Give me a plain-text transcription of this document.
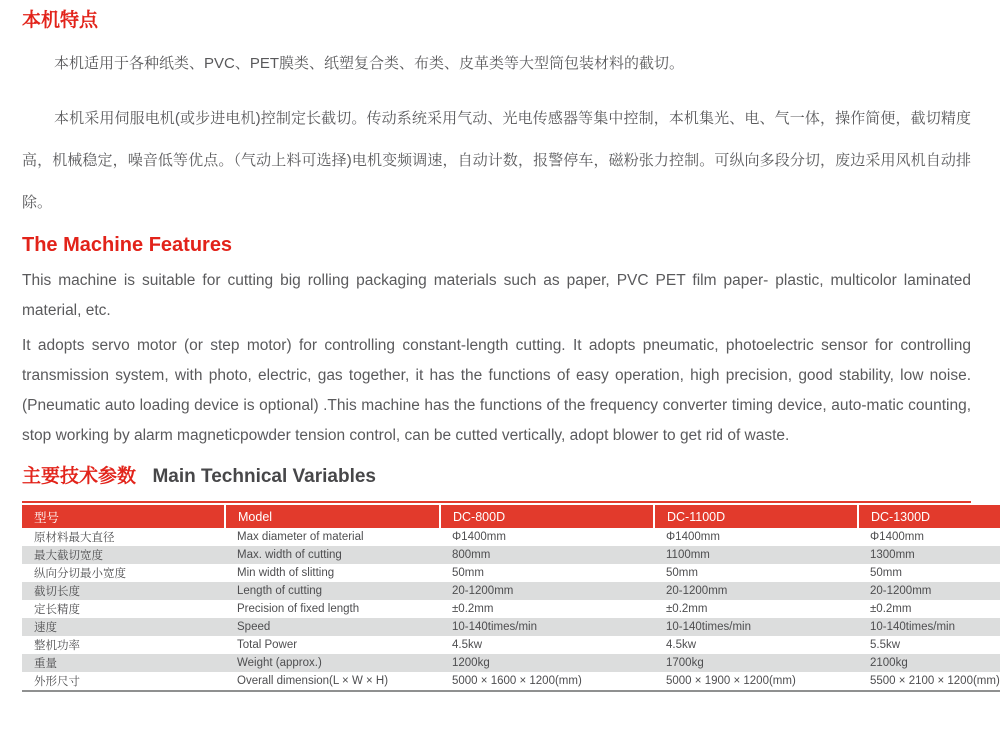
本机特点

本机适用于各种纸类、PVC、PET膜类、纸塑复合类、布类、皮革类等大型筒包装材料的截切。

本机采用伺服电机(或步进电机)控制定长截切。传动系统采用气动、光电传感器等集中控制，本机集光、电、气一体，操作简便，截切精度高，机械稳定，噪音低等优点。（气动上料可选择)电机变频调速，自动计数，报警停车，磁粉张力控制。可纵向多段分切，废边采用风机自动排除。

The Machine Features

This machine is suitable for cutting big rolling packaging materials such as paper, PVC PET film paper- plastic, multicolor laminated material, etc.

It adopts servo motor (or step motor) for controlling constant-length cutting. It adopts pneumatic, photoelectric sensor for controlling transmission system, with photo, electric, gas together, it has the functions of easy operation, high precision, good stability, low noise. (Pneumatic auto loading device is optional) .This machine has the functions of the frequency converter timing device, auto-matic counting, stop working by alarm magneticpowder tension control, can be cutted vertically, adopt blower to get rid of waste.

主要技术参数 Main Technical Variables
型号	Model	DC-800D	DC-1100D	DC-1300D
原材料最大直径	Max diameter of material	Φ1400mm	Φ1400mm	Φ1400mm
最大截切宽度	Max. width of cutting	800mm	1100mm	1300mm
纵向分切最小宽度	Min width of slitting	50mm	50mm	50mm
截切长度	Length of cutting	20-1200mm	20-1200mm	20-1200mm
定长精度	Precision of fixed length	±0.2mm	±0.2mm	±0.2mm
速度	Speed	10-140times/min	10-140times/min	10-140times/min
整机功率	Total Power	4.5kw	4.5kw	5.5kw
重量	Weight (approx.)	1200kg	1700kg	2100kg
外形尺寸	Overall dimension(L × W × H)	5000 × 1600 × 1200(mm)	5000 × 1900 × 1200(mm)	5500 × 2100 × 1200(mm)
